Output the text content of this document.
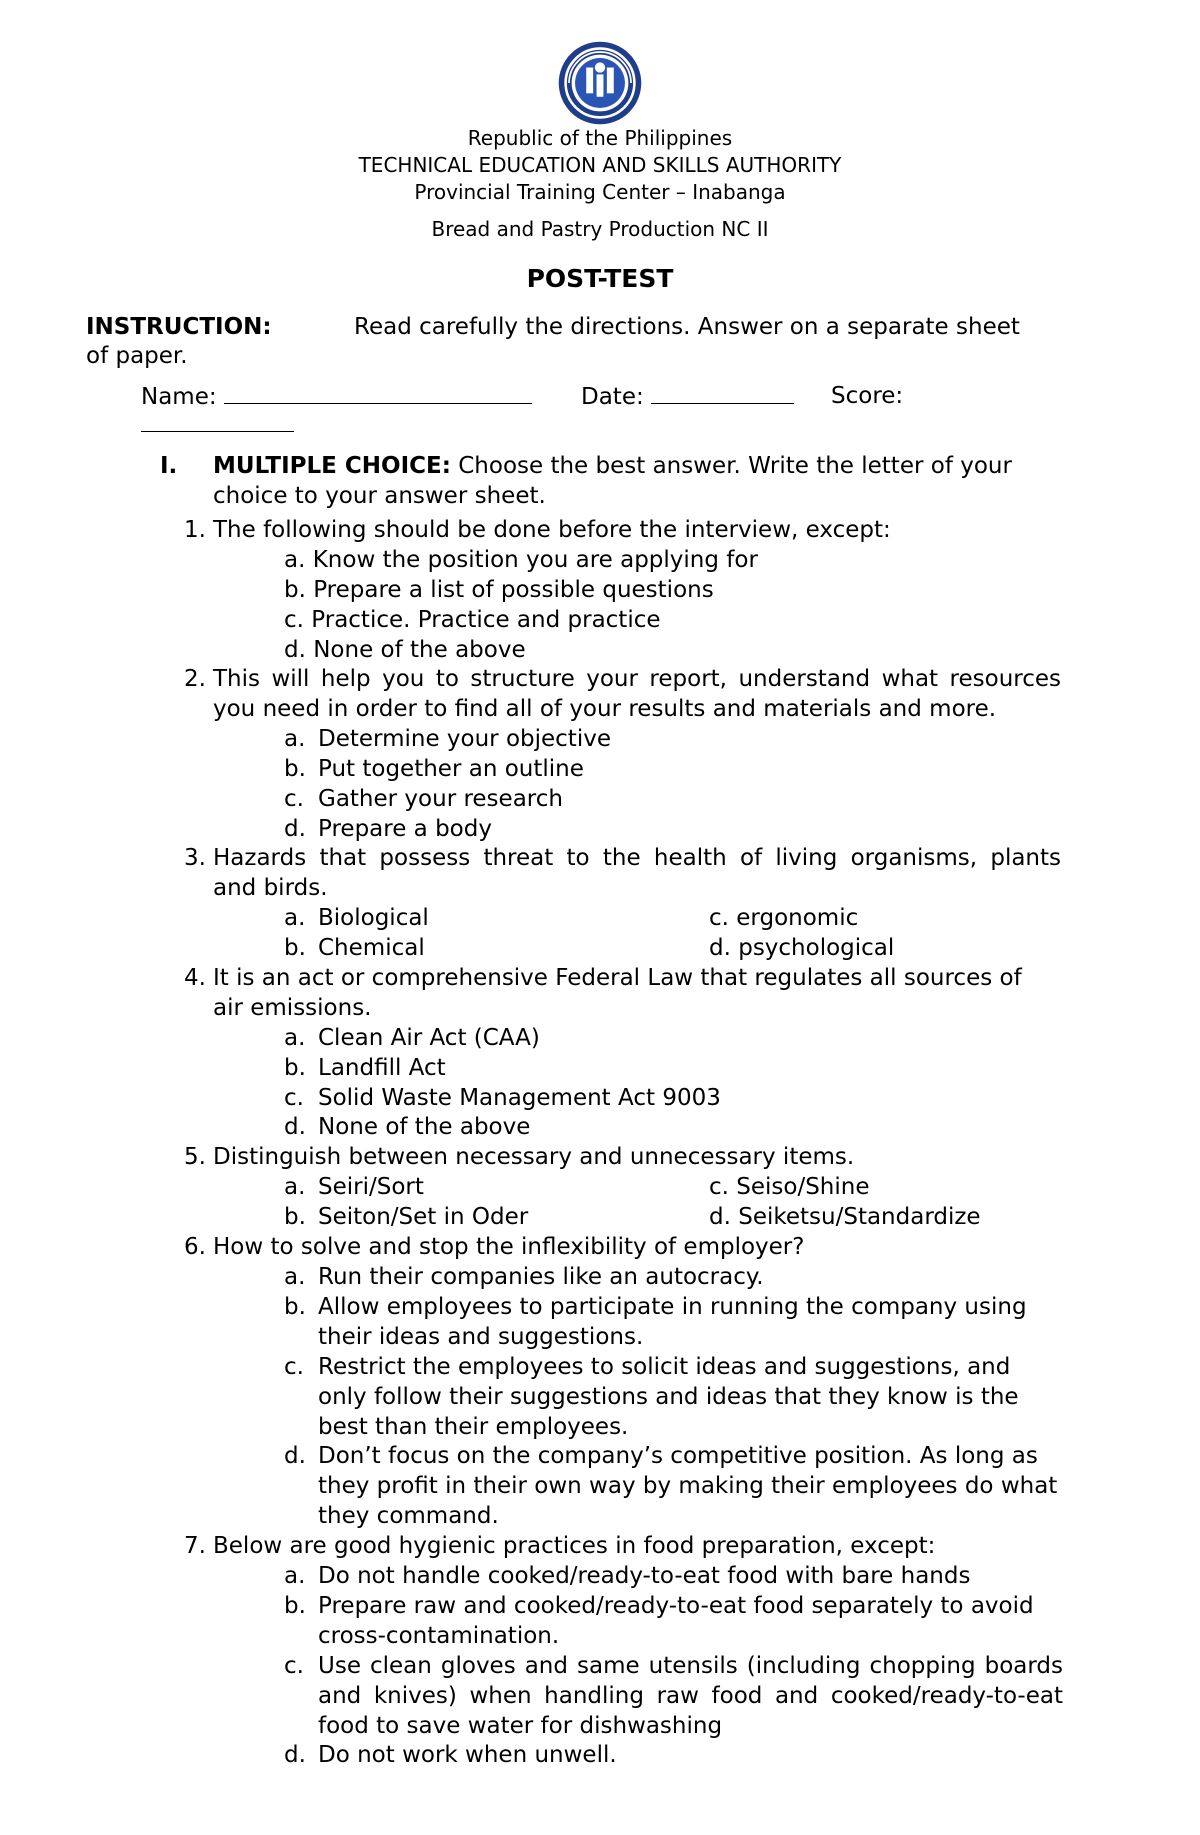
Republic of the Philippines
TECHNICAL EDUCATION AND SKILLS AUTHORITY
Provincial Training Center – Inabanga
Bread and Pastry Production NC II
POST-TEST
INSTRUCTION:	Read carefully the directions. Answer on a separate sheet
of paper.
Name:	Date:	Score:
I. MULTIPLE CHOICE: Choose the best answer. Write the letter of your
choice to your answer sheet.
1. The following should be done before the interview, except:
a. Know the position you are applying for
b. Prepare a list of possible questions
c. Practice. Practice and practice
d. None of the above
2. This will help you to structure your report, understand what resources
you need in order to find all of your results and materials and more.
a. Determine your objective
b. Put together an outline
c. Gather your research
d. Prepare a body
3. Hazards that possess threat to the health of living organisms, plants
and birds.
a. Biological
b. Chemical
c. ergonomic
d. psychological
4. It is an act or comprehensive Federal Law that regulates all sources of
air emissions.
a. Clean Air Act (CAA)
b. Landfill Act
c. Solid Waste Management Act 9003
d. None of the above
5. Distinguish between necessary and unnecessary items.
a. Seiri/Sort
b. Seiton/Set in Oder
c. Seiso/Shine
d. Seiketsu/Standardize
6. How to solve and stop the inflexibility of employer?
a. Run their companies like an autocracy.
b. Allow employees to participate in running the company using their ideas and suggestions.
c. Restrict the employees to solicit ideas and suggestions, and only follow their suggestions and ideas that they know is the best than their employees.
d. Don’t focus on the company’s competitive position. As long as they profit in their own way by making their employees do what they command.
7. Below are good hygienic practices in food preparation, except:
a. Do not handle cooked/ready-to-eat food with bare hands
b. Prepare raw and cooked/ready-to-eat food separately to avoid cross-contamination.
c. Use clean gloves and same utensils (including chopping boards and knives) when handling raw food and cooked/ready-to-eat food to save water for dishwashing
d. Do not work when unwell.
